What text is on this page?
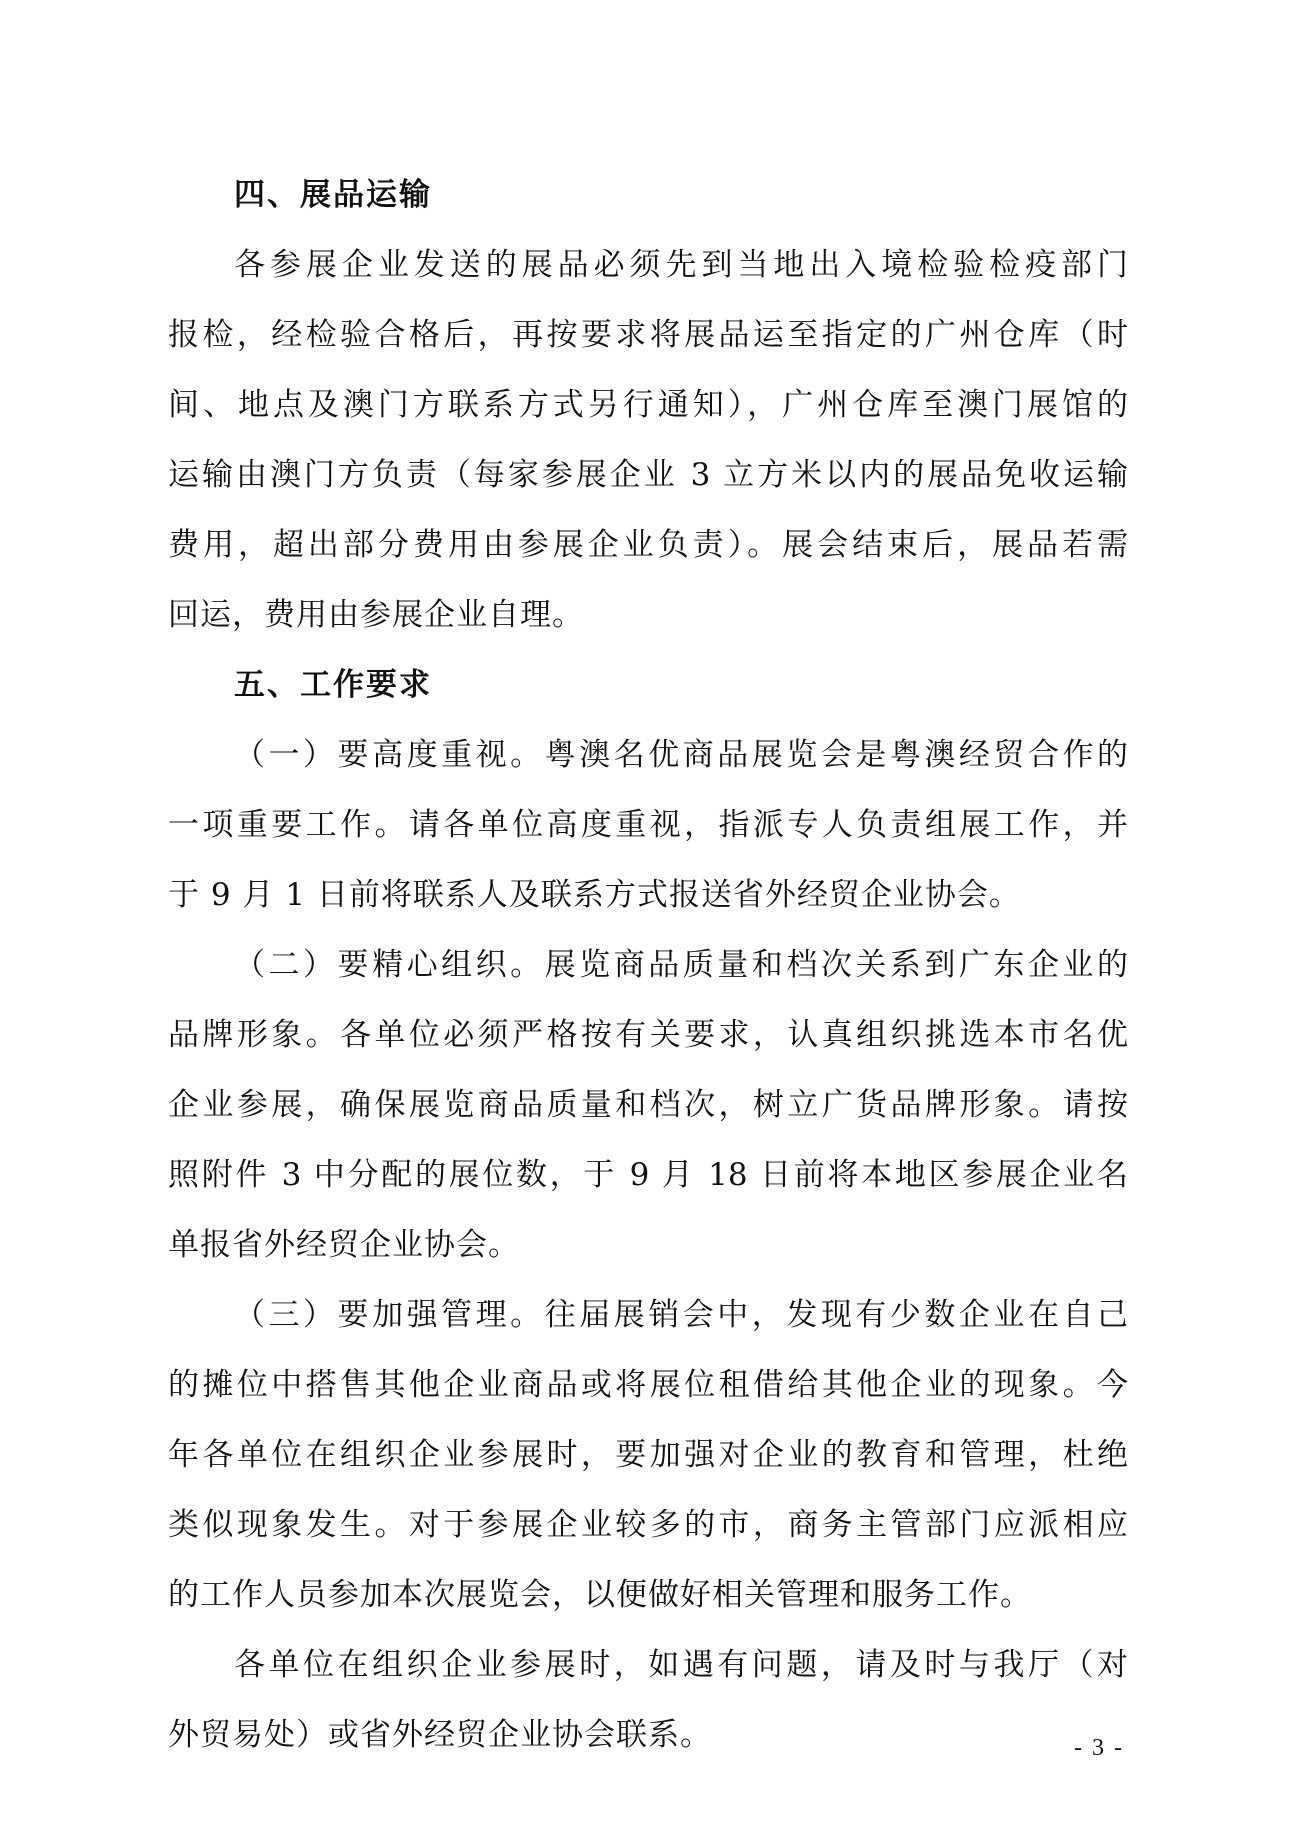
四、展品运输
各参展企业发送的展品必须先到当地出入境检验检疫部门
报检，经检验合格后，再按要求将展品运至指定的广州仓库（时
间、地点及澳门方联系方式另行通知），广州仓库至澳门展馆的
运输由澳门方负责（每家参展企业 3 立方米以内的展品免收运输
费用，超出部分费用由参展企业负责）。展会结束后，展品若需
回运，费用由参展企业自理。
五、工作要求
（一）要高度重视。粤澳名优商品展览会是粤澳经贸合作的
一项重要工作。请各单位高度重视，指派专人负责组展工作，并
于 9 月 1 日前将联系人及联系方式报送省外经贸企业协会。
（二）要精心组织。展览商品质量和档次关系到广东企业的
品牌形象。各单位必须严格按有关要求，认真组织挑选本市名优
企业参展，确保展览商品质量和档次，树立广货品牌形象。请按
照附件 3 中分配的展位数，于 9 月 18 日前将本地区参展企业名
单报省外经贸企业协会。
（三）要加强管理。往届展销会中，发现有少数企业在自己
的摊位中搭售其他企业商品或将展位租借给其他企业的现象。今
年各单位在组织企业参展时，要加强对企业的教育和管理，杜绝
类似现象发生。对于参展企业较多的市，商务主管部门应派相应
的工作人员参加本次展览会，以便做好相关管理和服务工作。
各单位在组织企业参展时，如遇有问题，请及时与我厅（对
外贸易处）或省外经贸企业协会联系。	- 3 -
